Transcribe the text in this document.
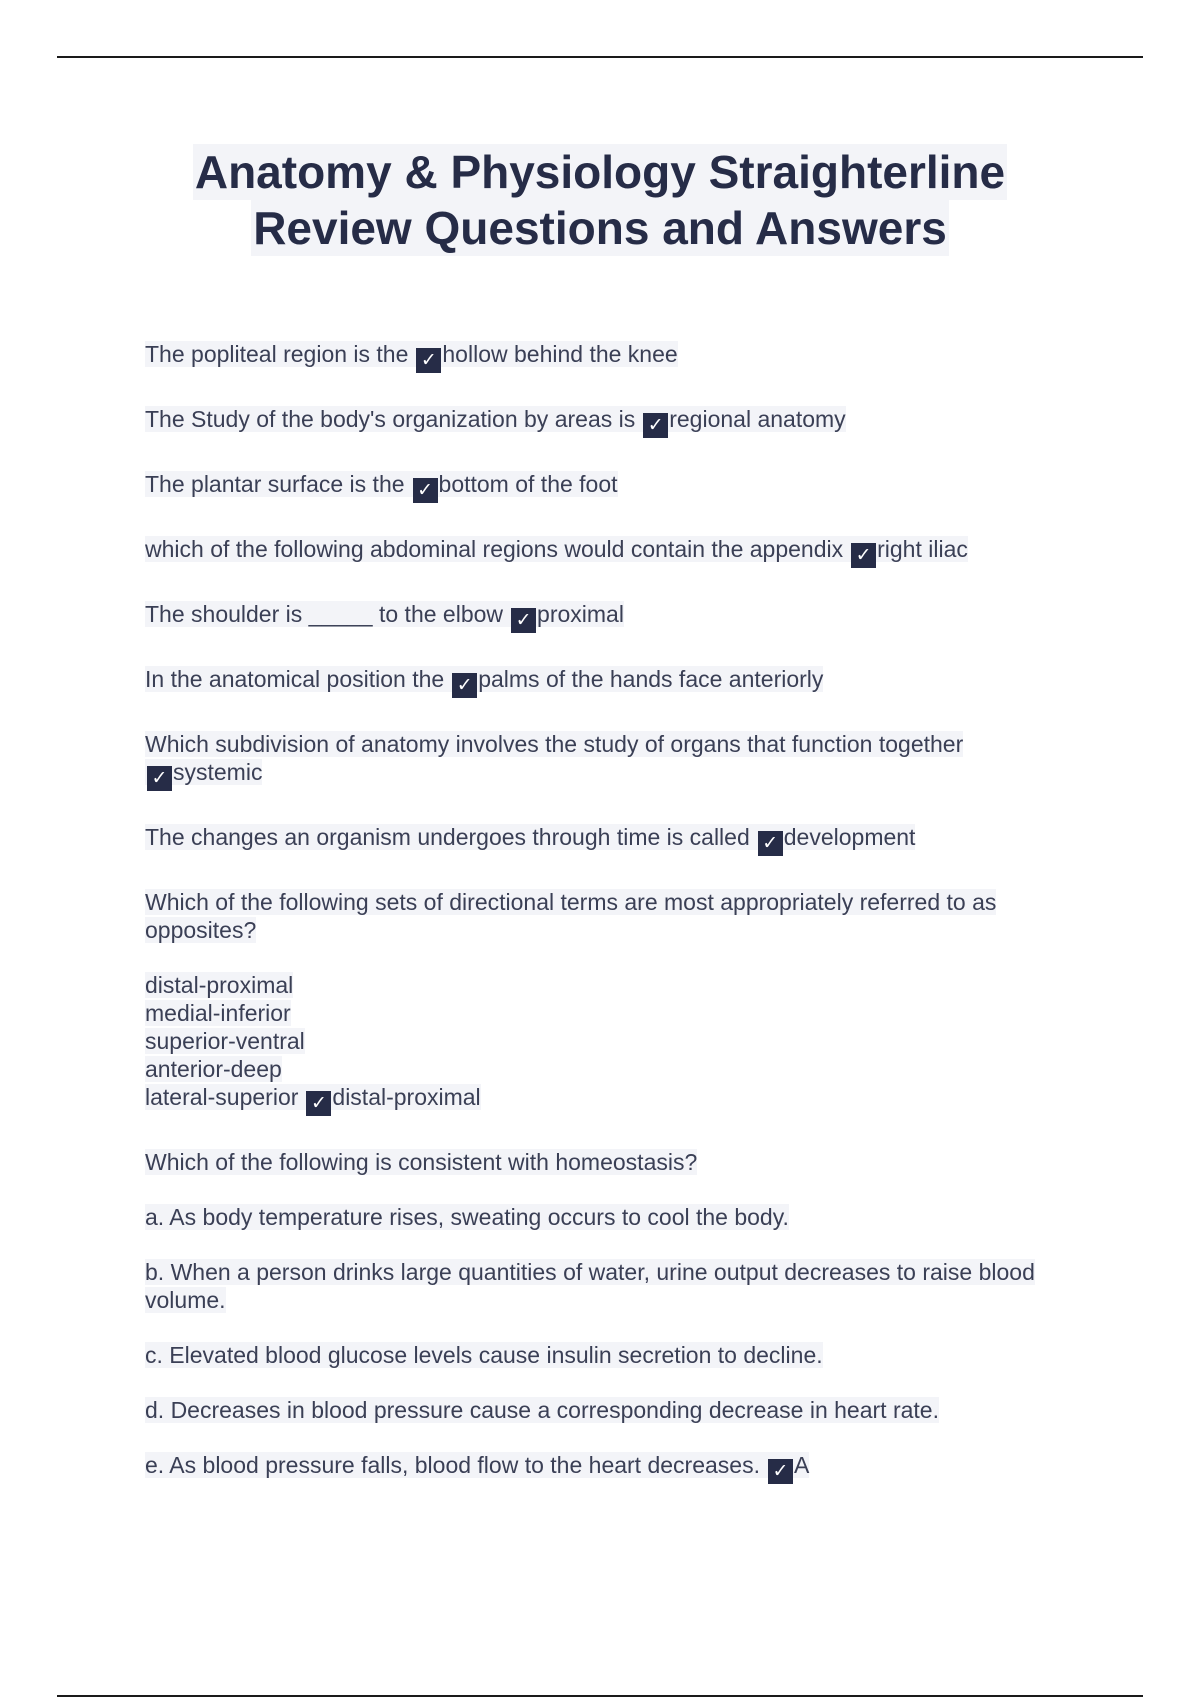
Anatomy & Physiology Straighterline
Review Questions and Answers

The popliteal region is the ✓ hollow behind the knee

The Study of the body's organization by areas is ✓ regional anatomy

The plantar surface is the ✓ bottom of the foot

which of the following abdominal regions would contain the appendix ✓ right iliac

The shoulder is _____ to the elbow ✓ proximal

In the anatomical position the ✓ palms of the hands face anteriorly

Which subdivision of anatomy involves the study of organs that function together
✓ systemic

The changes an organism undergoes through time is called ✓ development

Which of the following sets of directional terms are most appropriately referred to as opposites?

distal-proximal
medial-inferior
superior-ventral
anterior-deep
lateral-superior ✓ distal-proximal

Which of the following is consistent with homeostasis?

a. As body temperature rises, sweating occurs to cool the body.

b. When a person drinks large quantities of water, urine output decreases to raise blood volume.

c. Elevated blood glucose levels cause insulin secretion to decline.

d. Decreases in blood pressure cause a corresponding decrease in heart rate.

e. As blood pressure falls, blood flow to the heart decreases. ✓ A
